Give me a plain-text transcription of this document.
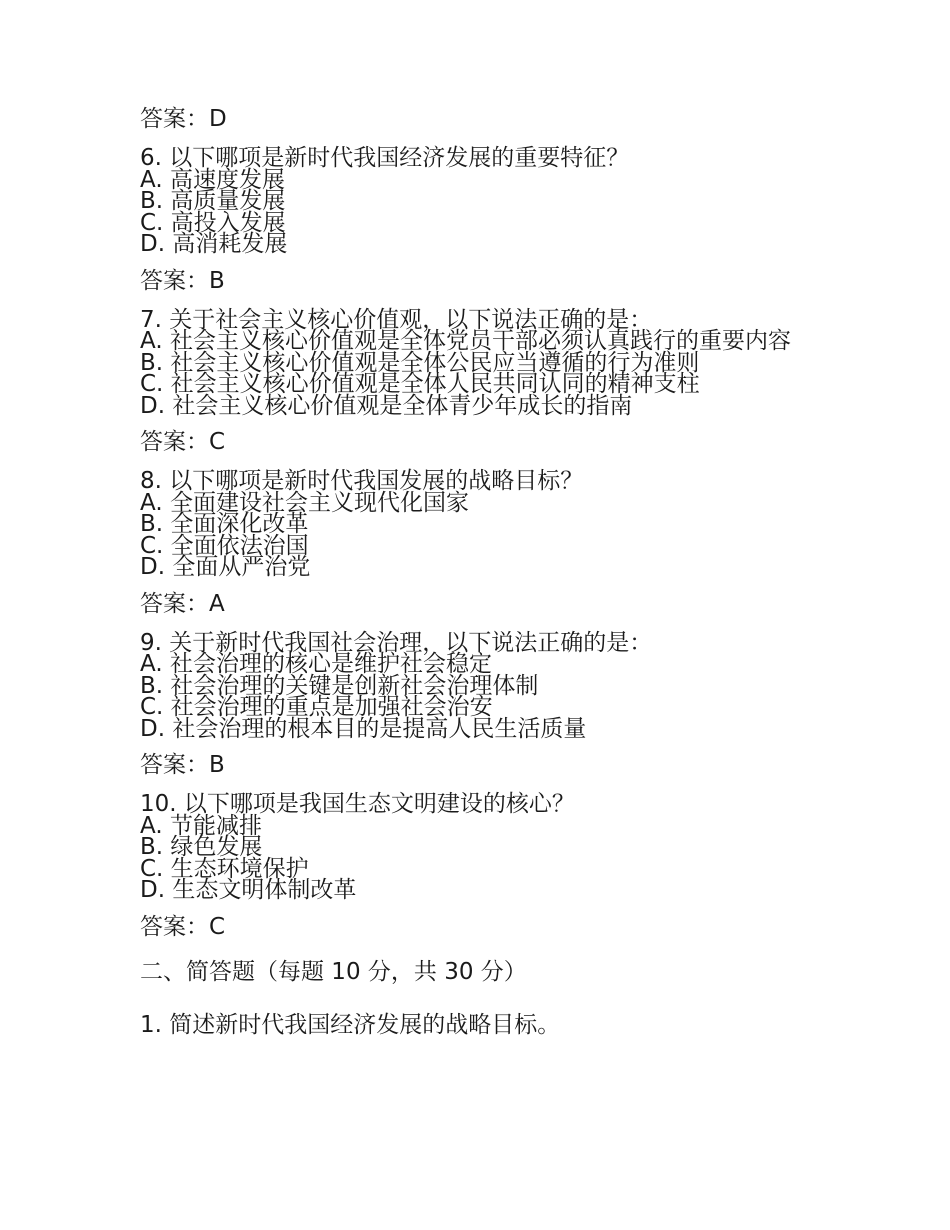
答案：D

6. 以下哪项是新时代我国经济发展的重要特征？

A. 高速度发展

B. 高质量发展

C. 高投入发展

D. 高消耗发展

答案：B

7. 关于社会主义核心价值观，以下说法正确的是：

A. 社会主义核心价值观是全体党员干部必须认真践行的重要内容

B. 社会主义核心价值观是全体公民应当遵循的行为准则

C. 社会主义核心价值观是全体人民共同认同的精神支柱

D. 社会主义核心价值观是全体青少年成长的指南

答案：C

8. 以下哪项是新时代我国发展的战略目标？

A. 全面建设社会主义现代化国家

B. 全面深化改革

C. 全面依法治国

D. 全面从严治党

答案：A

9. 关于新时代我国社会治理，以下说法正确的是：

A. 社会治理的核心是维护社会稳定

B. 社会治理的关键是创新社会治理体制

C. 社会治理的重点是加强社会治安

D. 社会治理的根本目的是提高人民生活质量

答案：B

10. 以下哪项是我国生态文明建设的核心？

A. 节能减排

B. 绿色发展

C. 生态环境保护

D. 生态文明体制改革

答案：C

二、简答题（每题 10 分，共 30 分）

1. 简述新时代我国经济发展的战略目标。
